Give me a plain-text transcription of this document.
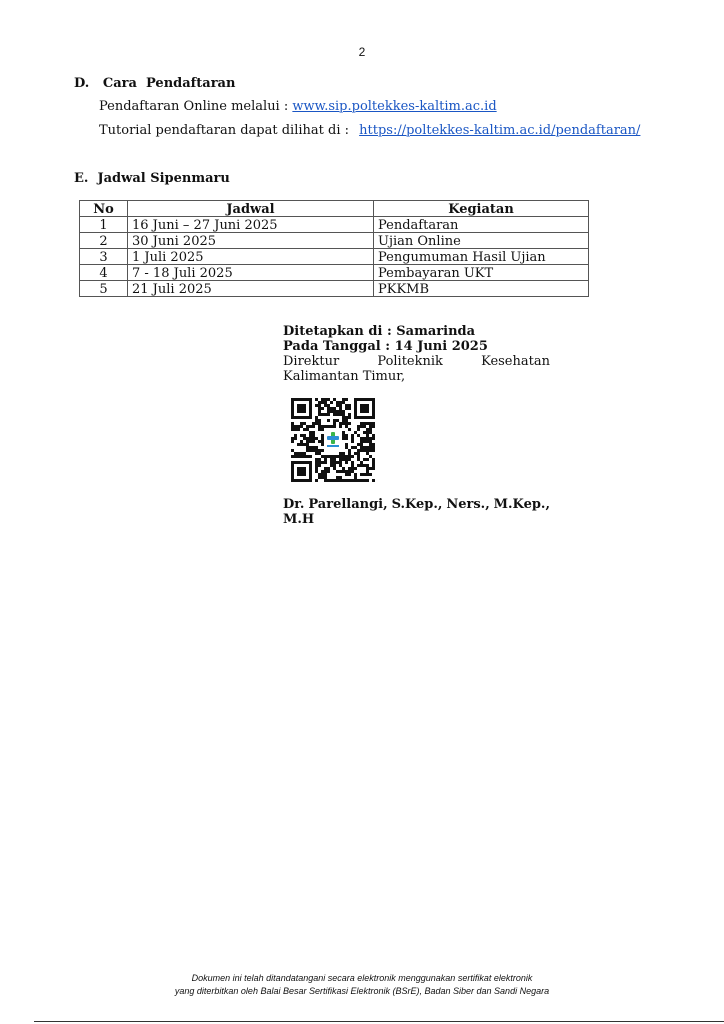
2
D.   Cara  Pendaftaran
Pendaftaran Online melalui : www.sip.poltekkes-kaltim.ac.id
Tutorial pendaftaran dapat dilihat di : https://poltekkes-kaltim.ac.id/pendaftaran/
E.  Jadwal Sipenmaru
No	Jadwal	Kegiatan
1	16 Juni – 27 Juni 2025	Pendaftaran
2	30 Juni 2025	Ujian Online
3	1 Juli 2025	Pengumuman Hasil Ujian
4	7 - 18 Juli 2025	Pembayaran UKT
5	21 Juli 2025	PKKMB
Ditetapkan di : Samarinda
Pada Tanggal : 14 Juni 2025
Direktur	Politeknik	Kesehatan
Kalimantan Timur,
Dr. Parellangi, S.Kep., Ners., M.Kep.,
M.H
Dokumen ini telah ditandatangani secara elektronik menggunakan sertifikat elektronik
yang diterbitkan oleh Balai Besar Sertifikasi Elektronik (BSrE), Badan Siber dan Sandi Negara
